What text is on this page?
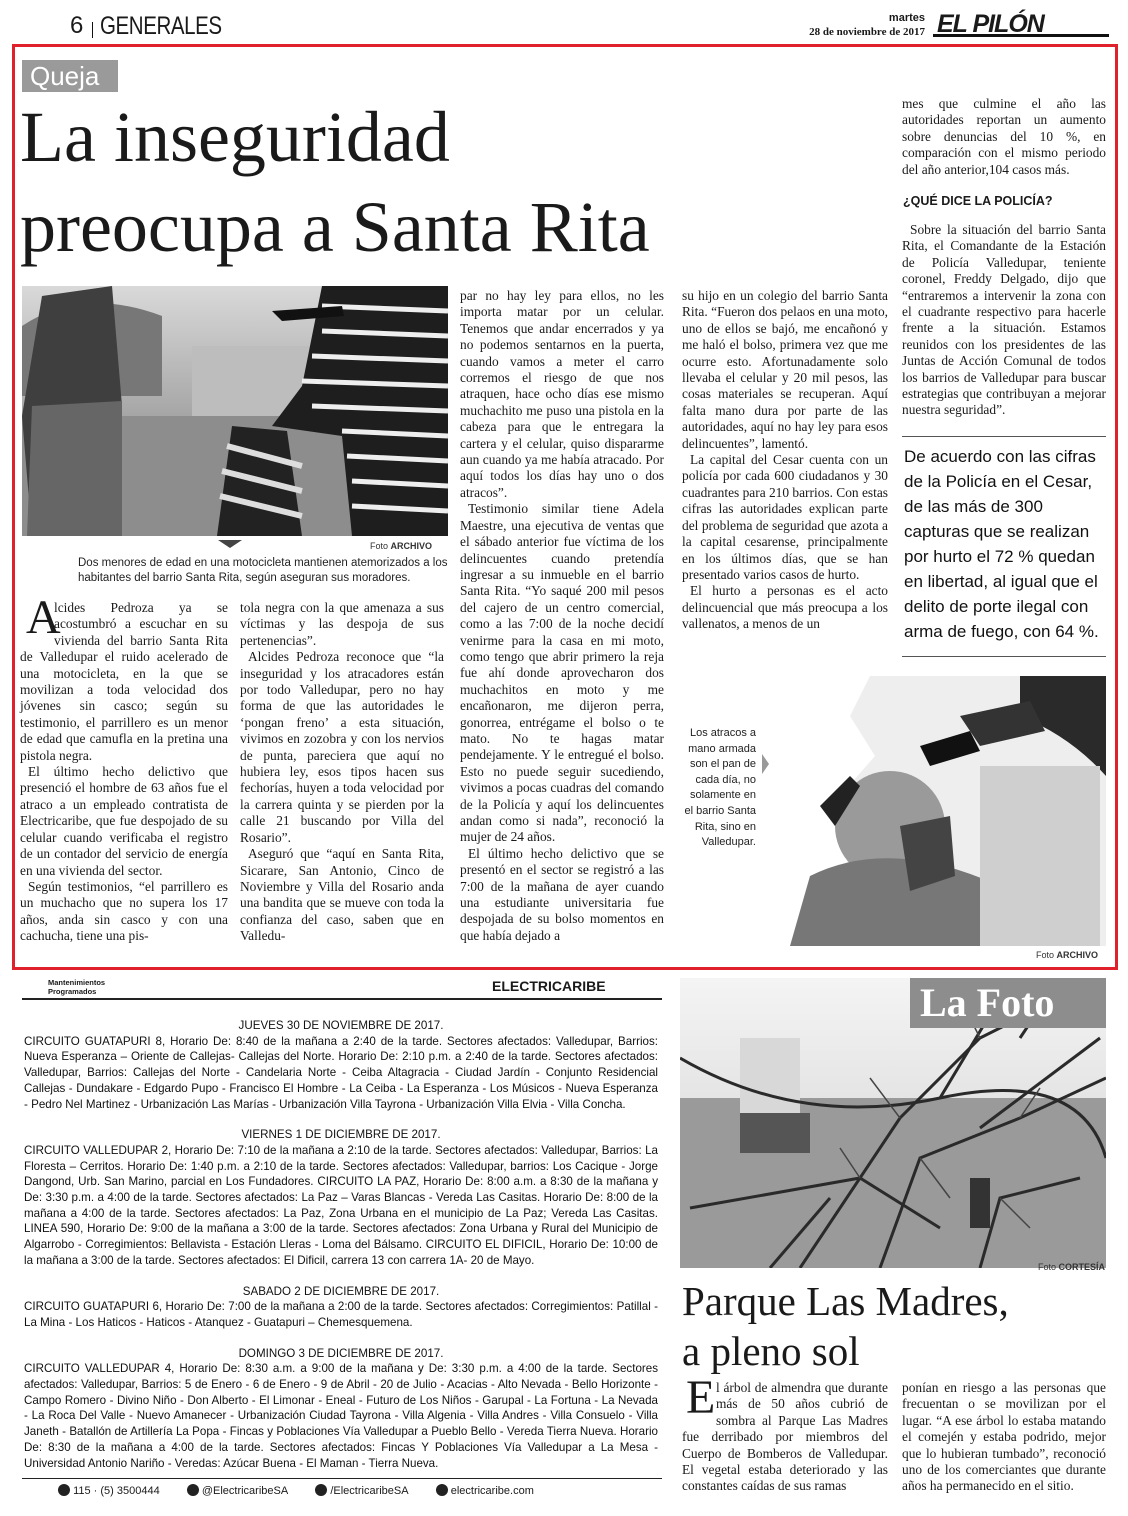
6 GENERALES	martes
28 de noviembre de 2017 EL PILÓN
Queja
La inseguridad
preocupa a Santa Rita
Foto ARCHIVO
Dos menores de edad en una motocicleta mantienen atemorizados a los habitantes del barrio Santa Rita, según aseguran sus moradores.
A

lcides Pedroza ya se acostumbró a escuchar en su vivienda del barrio Santa Rita de Valledupar el ruido acelerado de una motocicleta, en la que se movilizan a toda velocidad dos jóvenes sin casco; según su testimonio, el parrillero es un menor de edad que camufla en la pretina una pistola negra.

El último hecho delictivo que presenció el hombre de 63 años fue el atraco a un empleado contratista de Electricaribe, que fue despojado de su celular cuando verificaba el registro de un contador del servicio de energía en una vivienda del sector.

Según testimonios, “el parrillero es un muchacho que no supera los 17 años, anda sin casco y con una cachucha, tiene una pis-

tola negra con la que amenaza a sus víctimas y las despoja de sus pertenencias”.

Alcides Pedroza reconoce que “la inseguridad y los atracadores están por todo Valledupar, pero no hay forma de que las autoridades le ‘pongan freno’ a esta situación, vivimos en zozobra y con los nervios de punta, pareciera que aquí no hubiera ley, esos tipos hacen sus fechorías, huyen a toda velocidad por la carrera quinta y se pierden por la calle 21 buscando por Villa del Rosario”.

Aseguró que “aquí en Santa Rita, Sicarare, San Antonio, Cinco de Noviembre y Villa del Rosario anda una bandita que se mueve con toda la confianza del caso, saben que en Valledu-

par no hay ley para ellos, no les importa matar por un celular. Tenemos que andar encerrados y ya no podemos sentarnos en la puerta, cuando vamos a meter el carro corremos el riesgo de que nos atraquen, hace ocho días ese mismo muchachito me puso una pistola en la cabeza para que le entregara la cartera y el celular, quiso dispararme aun cuando ya me había atracado. Por aquí todos los días hay uno o dos atracos”.

Testimonio similar tiene Adela Maestre, una ejecutiva de ventas que el sábado anterior fue víctima de los delincuentes cuando pretendía ingresar a su inmueble en el barrio Santa Rita. “Yo saqué 200 mil pesos del cajero de un centro comercial, como a las 7:00 de la noche decidí venirme para la casa en mi moto, como tengo que abrir primero la reja fue ahí donde aprovecharon dos muchachitos en moto y me encañonaron, me dijeron perra, gonorrea, entrégame el bolso o te mato. No te hagas matar pendejamente. Y le entregué el bolso. Esto no puede seguir sucediendo, vivimos a pocas cuadras del comando de la Policía y aquí los delincuentes andan como si nada”, reconoció la mujer de 24 años.

El último hecho delictivo que se presentó en el sector se registró a las 7:00 de la mañana de ayer cuando una estudiante universitaria fue despojada de su bolso momentos en que había dejado a

su hijo en un colegio del barrio Santa Rita. “Fueron dos pelaos en una moto, uno de ellos se bajó, me encañonó y me haló el bolso, primera vez que me ocurre esto. Afortunadamente solo llevaba el celular y 20 mil pesos, las cosas materiales se recuperan. Aquí falta mano dura por parte de las autoridades, aquí no hay ley para esos delincuentes”, lamentó.

La capital del Cesar cuenta con un policía por cada 600 ciudadanos y 30 cuadrantes para 210 barrios. Con estas cifras las autoridades explican parte del problema de seguridad que azota a la capital cesarense, principalmente en los últimos días, que se han presentado varios casos de hurto.

El hurto a personas es el acto delincuencial que más preocupa a los vallenatos, a menos de un

mes que culmine el año las autoridades reportan un aumento sobre denuncias del 10 %, en comparación con el mismo periodo del año anterior,104 casos más.

¿QUÉ DICE LA POLICÍA?

Sobre la situación del barrio Santa Rita, el Comandante de la Estación de Policía Valledupar, teniente coronel, Freddy Delgado, dijo que “entraremos a intervenir la zona con el cuadrante respectivo para hacerle frente a la situación. Estamos reunidos con los presidentes de las Juntas de Acción Comunal de todos los barrios de Valledupar para buscar estrategias que contribuyan a mejorar nuestra seguridad”.

De acuerdo con las cifras de la Policía en el Cesar, de las más de 300 capturas que se realizan por hurto el 72 % quedan en libertad, al igual que el delito de porte ilegal con arma de fuego, con 64 %.
Los atracos a mano armada son el pan de cada día, no solamente en el barrio Santa Rita, sino en Valledupar.
Foto ARCHIVO
Mantenimientos Programados	ELECTRICARIBE
JUEVES 30 DE NOVIEMBRE DE 2017.
CIRCUITO GUATAPURI 8, Horario De: 8:40 de la mañana a 2:40 de la tarde. Sectores afectados: Valledupar, Barrios: Nueva Esperanza – Oriente de Callejas- Callejas del Norte. Horario De: 2:10 p.m. a 2:40 de la tarde. Sectores afectados: Valledupar, Barrios: Callejas del Norte - Candelaria Norte - Ceiba Altagracia - Ciudad Jardín - Conjunto Residencial Callejas - Dundakare - Edgardo Pupo - Francisco El Hombre - La Ceiba - La Esperanza - Los Músicos - Nueva Esperanza - Pedro Nel Martinez - Urbanización Las Marías - Urbanización Villa Tayrona - Urbanización Villa Elvia - Villa Concha.
VIERNES 1 DE DICIEMBRE DE 2017.
CIRCUITO VALLEDUPAR 2, Horario De: 7:10 de la mañana a 2:10 de la tarde. Sectores afectados: Valledupar, Barrios: La Floresta – Cerritos. Horario De: 1:40 p.m. a 2:10 de la tarde. Sectores afectados: Valledupar, barrios: Los Cacique - Jorge Dangond, Urb. San Marino, parcial en Los Fundadores. CIRCUITO LA PAZ, Horario De: 8:00 a.m. a 8:30 de la mañana y De: 3:30 p.m. a 4:00 de la tarde. Sectores afectados: La Paz – Varas Blancas - Vereda Las Casitas. Horario De: 8:00 de la mañana a 4:00 de la tarde. Sectores afectados: La Paz, Zona Urbana en el municipio de La Paz; Vereda Las Casitas. LINEA 590, Horario De: 9:00 de la mañana a 3:00 de la tarde. Sectores afectados: Zona Urbana y Rural del Municipio de Algarrobo - Corregimientos: Bellavista - Estación Lleras - Loma del Bálsamo. CIRCUITO EL DIFICIL, Horario De: 10:00 de la mañana a 3:00 de la tarde. Sectores afectados: El Dificil, carrera 13 con carrera 1A- 20 de Mayo.
SABADO 2 DE DICIEMBRE DE 2017.
CIRCUITO GUATAPURI 6, Horario De: 7:00 de la mañana a 2:00 de la tarde. Sectores afectados: Corregimientos: Patillal - La Mina - Los Haticos - Haticos - Atanquez - Guatapuri – Chemesquemena.
DOMINGO 3 DE DICIEMBRE DE 2017.
CIRCUITO VALLEDUPAR 4, Horario De: 8:30 a.m. a 9:00 de la mañana y De: 3:30 p.m. a 4:00 de la tarde. Sectores afectados: Valledupar, Barrios: 5 de Enero - 6 de Enero - 9 de Abril - 20 de Julio - Acacias - Alto Nevada - Bello Horizonte - Campo Romero - Divino Niño - Don Alberto - El Limonar - Eneal - Futuro de Los Niños - Garupal - La Fortuna - La Nevada - La Roca Del Valle - Nuevo Amanecer - Urbanización Ciudad Tayrona - Villa Algenia - Villa Andres - Villa Consuelo - Villa Janeth - Batallón de Artillería La Popa - Fincas y Poblaciones Vía Valledupar a Pueblo Bello - Vereda Tierra Nueva. Horario De: 8:30 de la mañana a 4:00 de la tarde. Sectores afectados: Fincas Y Poblaciones Vía Valledupar a La Mesa - Universidad Antonio Nariño - Veredas: Azúcar Buena - El Maman - Tierra Nueva.
115 · (5) 3500444	@ElectricaribeSA	/ElectricaribeSA	electricaribe.com
La Foto
Foto CORTESÍA
Parque Las Madres,
a pleno sol
E l árbol de almendra que durante más de 50 años cubrió de sombra al Parque Las Madres fue derribado por miembros del Cuerpo de Bomberos de Valledupar. El vegetal estaba deteriorado y las constantes caídas de sus ramas

ponían en riesgo a las personas que frecuentan o se movilizan por el lugar. “A ese árbol lo estaba matando el comején y estaba podrido, mejor que lo hubieran tumbado”, reconoció uno de los comerciantes que durante años ha permanecido en el sitio.
